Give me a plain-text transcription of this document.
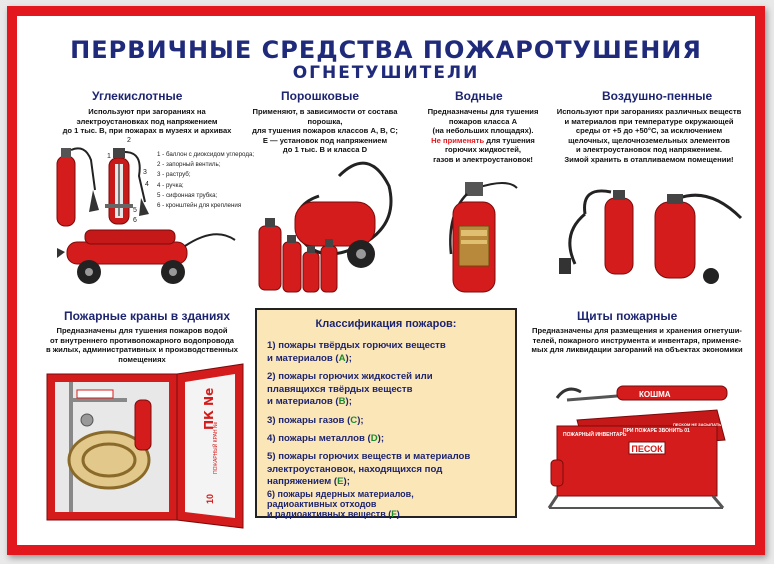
ПЕРВИЧНЫЕ СРЕДСТВА ПОЖАРОТУШЕНИЯ
ОГНЕТУШИТЕЛИ
Углекислотные
Используют при загораниях на
электроустановках под напряжением
до 1 тыс. В, при пожарах в музеях и архивах
2
1
3
4
5
6
1 - баллон с диоксидом углерода;
2 - запорный вентиль;
3 - раструб;
4 - ручка;
5 - сифонная трубка;
6 - кронштейн для крепления
Порошковые
Применяют, в зависимости от состава порошка,
для тушения пожаров классов А, В, С;
Е — установок под напряжением
до 1 тыс. В и класса D
Водные
Предназначены для тушения
пожаров класса А
(на небольших площадях).
Не применять для тушения
горючих жидкостей,
газов и электроустановок!
Воздушно-пенные
Используют при загораниях различных веществ
и материалов при температуре окружающей
среды от +5 до +50°С, за исключением
щелочных, щелочноземельных элементов
и электроустановок под напряжением.
Зимой хранить в отапливаемом помещении!
Пожарные краны в зданиях
Предназначены для тушения пожаров водой
от внутреннего противопожарного водопровода
в жилых, административных и производственных
помещениях
ПК Ne
ПОЖАРНЫЙ КРАН Ne
10
Классификация пожаров:
1) пожары твёрдых горючих веществ
и материалов (A);
2) пожары горючих жидкостей или
плавящихся твёрдых веществ
и материалов (B);
3) пожары газов (C);
4) пожары металлов (D);
5) пожары горючих веществ и материалов
электроустановок, находящихся под
напряжением (E);
6) пожары ядерных материалов,
радиоактивных отходов
и радиоактивных веществ (F)
Щиты пожарные
Предназначены для размещения и хранения огнетуши-
телей, пожарного инструмента и инвентаря, применяе-
мых для ликвидации загораний на объектах экономики
КОШМА
ПЕСОК
ПОЖАРНЫЙ ИНВЕНТАРЬ
ПРИ ПОЖАРЕ ЗВОНИТЬ 01
ПЕСКОМ НЕ ЗАСЫПАТЬ ВОСПРОСЫ
